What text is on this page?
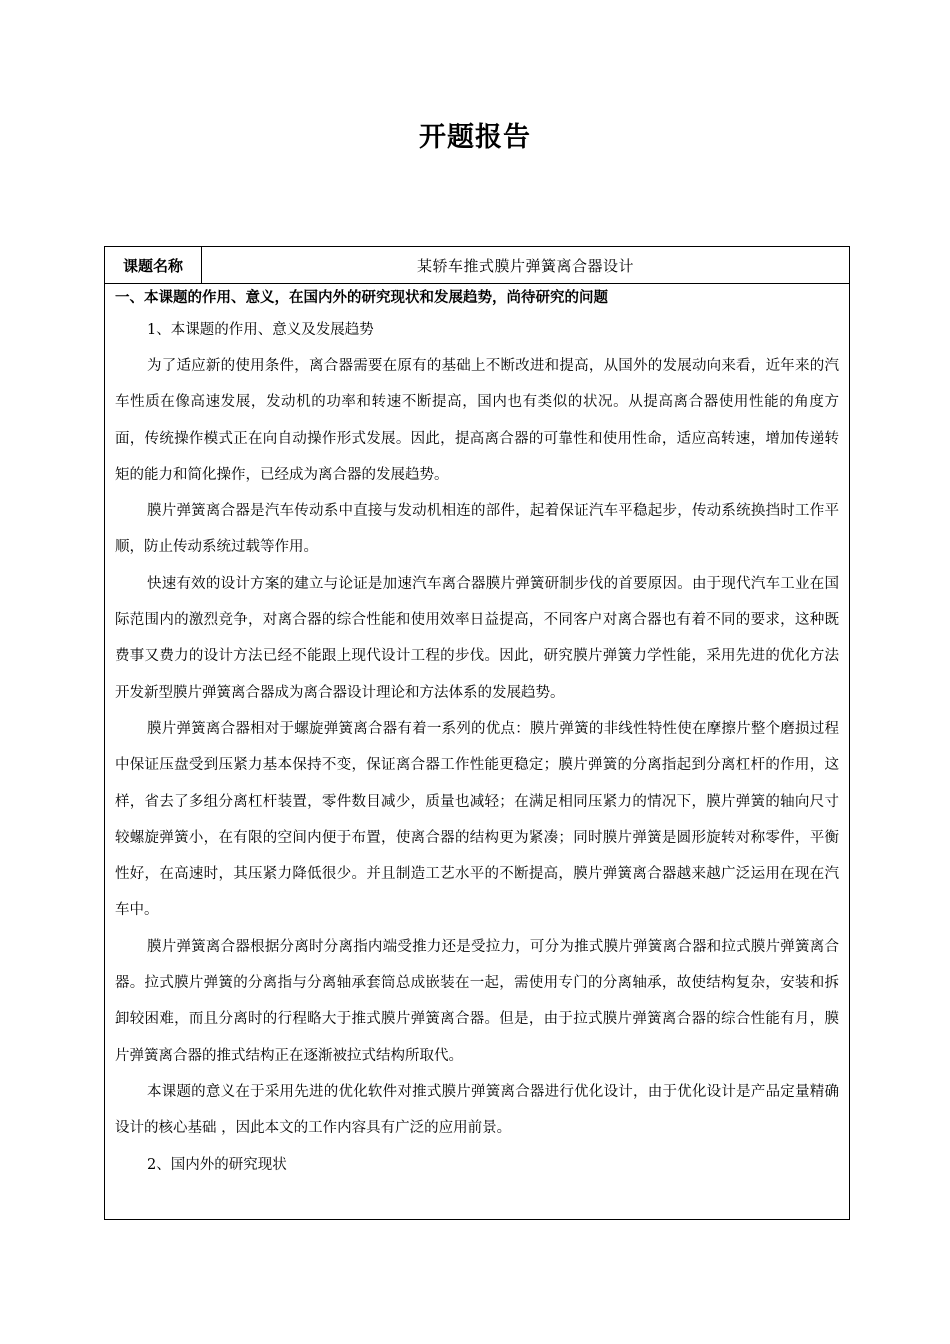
开题报告
课题名称	某轿车推式膜片弹簧离合器设计

一、本课题的作用、意义，在国内外的研究现状和发展趋势，尚待研究的问题

1、本课题的作用、意义及发展趋势

为了适应新的使用条件，离合器需要在原有的基础上不断改进和提高，从国外的发展动向来看，近年来的汽车性质在像高速发展，发动机的功率和转速不断提高，国内也有类似的状况。从提高离合器使用性能的角度方面，传统操作模式正在向自动操作形式发展。因此，提高离合器的可靠性和使用性命，适应高转速，增加传递转矩的能力和简化操作，已经成为离合器的发展趋势。

膜片弹簧离合器是汽车传动系中直接与发动机相连的部件，起着保证汽车平稳起步，传动系统换挡时工作平顺，防止传动系统过载等作用。

快速有效的设计方案的建立与论证是加速汽车离合器膜片弹簧研制步伐的首要原因。由于现代汽车工业在国际范围内的激烈竞争，对离合器的综合性能和使用效率日益提高，不同客户对离合器也有着不同的要求，这种既费事又费力的设计方法已经不能跟上现代设计工程的步伐。因此，研究膜片弹簧力学性能，采用先进的优化方法开发新型膜片弹簧离合器成为离合器设计理论和方法体系的发展趋势。

膜片弹簧离合器相对于螺旋弹簧离合器有着一系列的优点：膜片弹簧的非线性特性使在摩擦片整个磨损过程中保证压盘受到压紧力基本保持不变，保证离合器工作性能更稳定；膜片弹簧的分离指起到分离杠杆的作用，这样，省去了多组分离杠杆装置，零件数目减少，质量也减轻；在满足相同压紧力的情况下，膜片弹簧的轴向尺寸较螺旋弹簧小，在有限的空间内便于布置，使离合器的结构更为紧凑；同时膜片弹簧是圆形旋转对称零件，平衡性好，在高速时，其压紧力降低很少。并且制造工艺水平的不断提高，膜片弹簧离合器越来越广泛运用在现在汽车中。

膜片弹簧离合器根据分离时分离指内端受推力还是受拉力，可分为推式膜片弹簧离合器和拉式膜片弹簧离合器。拉式膜片弹簧的分离指与分离轴承套筒总成嵌装在一起，需使用专门的分离轴承，故使结构复杂，安装和拆卸较困难，而且分离时的行程略大于推式膜片弹簧离合器。但是，由于拉式膜片弹簧离合器的综合性能有月，膜片弹簧离合器的推式结构正在逐渐被拉式结构所取代。

本课题的意义在于采用先进的优化软件对推式膜片弹簧离合器进行优化设计，由于优化设计是产品定量精确设计的核心基础 ，因此本文的工作内容具有广泛的应用前景。

2、国内外的研究现状
